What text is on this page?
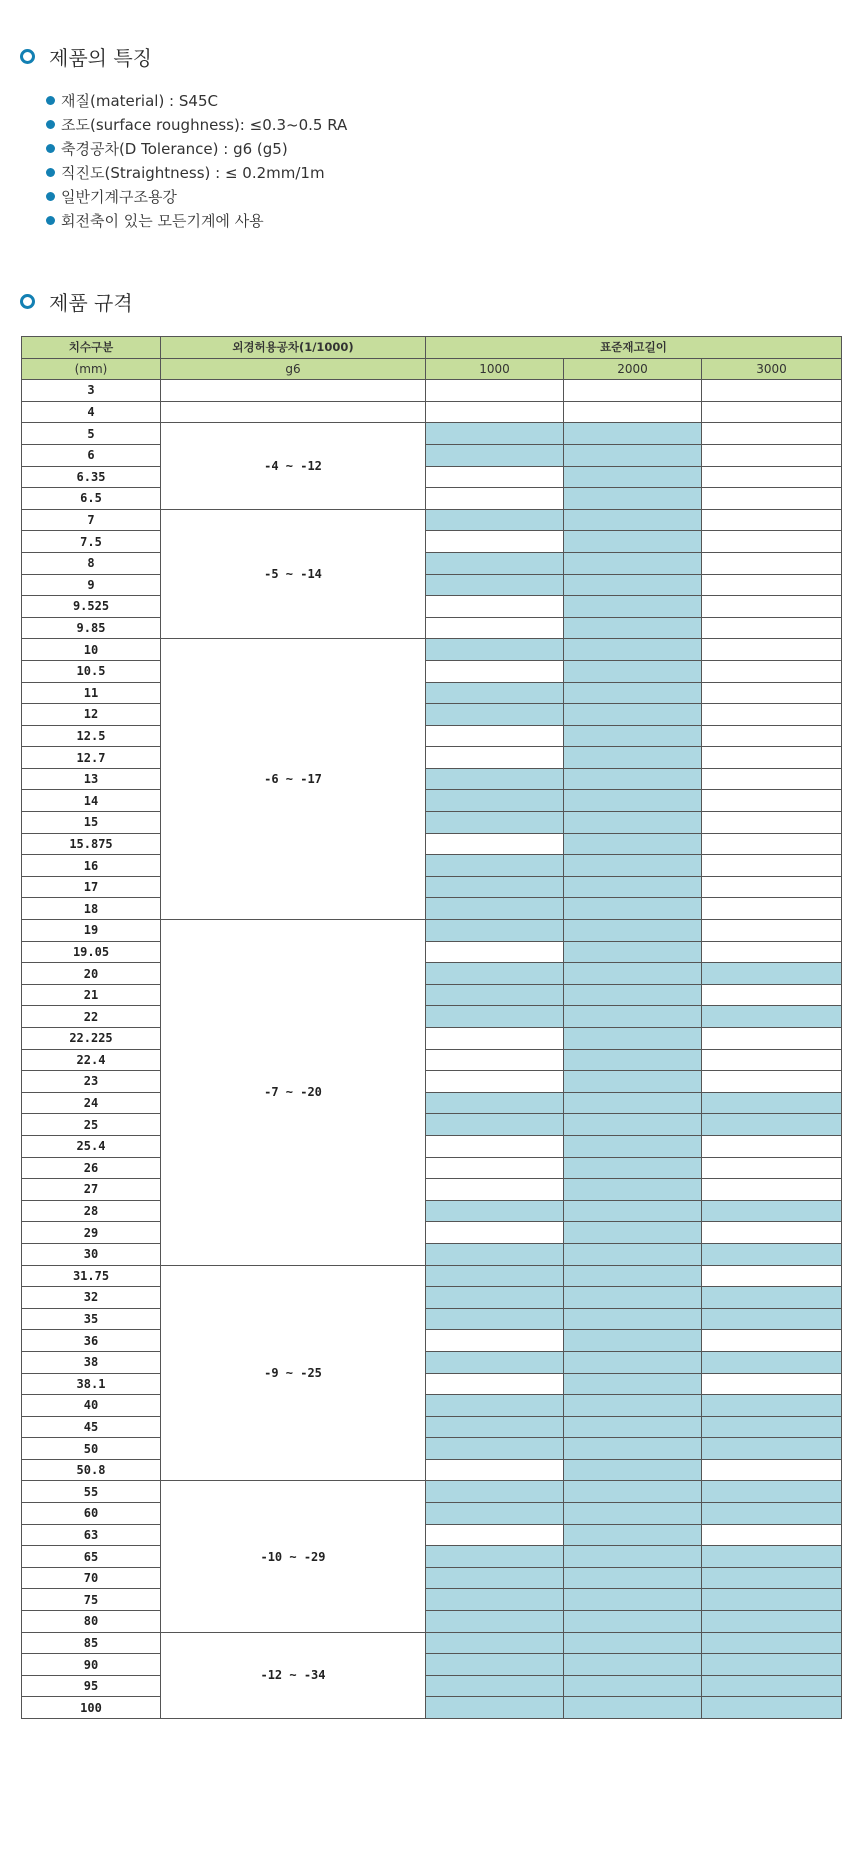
제품의 특징
재질(material) : S45C
조도(surface roughness): ≤0.3~0.5 RA
축경공차(D Tolerance) : g6 (g5)
직진도(Straightness) : ≤ 0.2mm/1m
일반기계구조용강
회전축이 있는 모든기계에 사용
제품 규격
치수구분	외경허용공차(1/1000)	표준재고길이		
(mm)	g6	1000	2000	3000
3				
4				
5	-4 ~ -12			
6				
6.35				
6.5				
7	-5 ~ -14			
7.5				
8				
9				
9.525				
9.85				
10	-6 ~ -17			
10.5				
11				
12				
12.5				
12.7				
13				
14				
15				
15.875				
16				
17				
18				
19	-7 ~ -20			
19.05				
20				
21				
22				
22.225				
22.4				
23				
24				
25				
25.4				
26				
27				
28				
29				
30				
31.75	-9 ~ -25			
32				
35				
36				
38				
38.1				
40				
45				
50				
50.8				
55	-10 ~ -29			
60				
63				
65				
70				
75				
80				
85	-12 ~ -34			
90				
95				
100				
